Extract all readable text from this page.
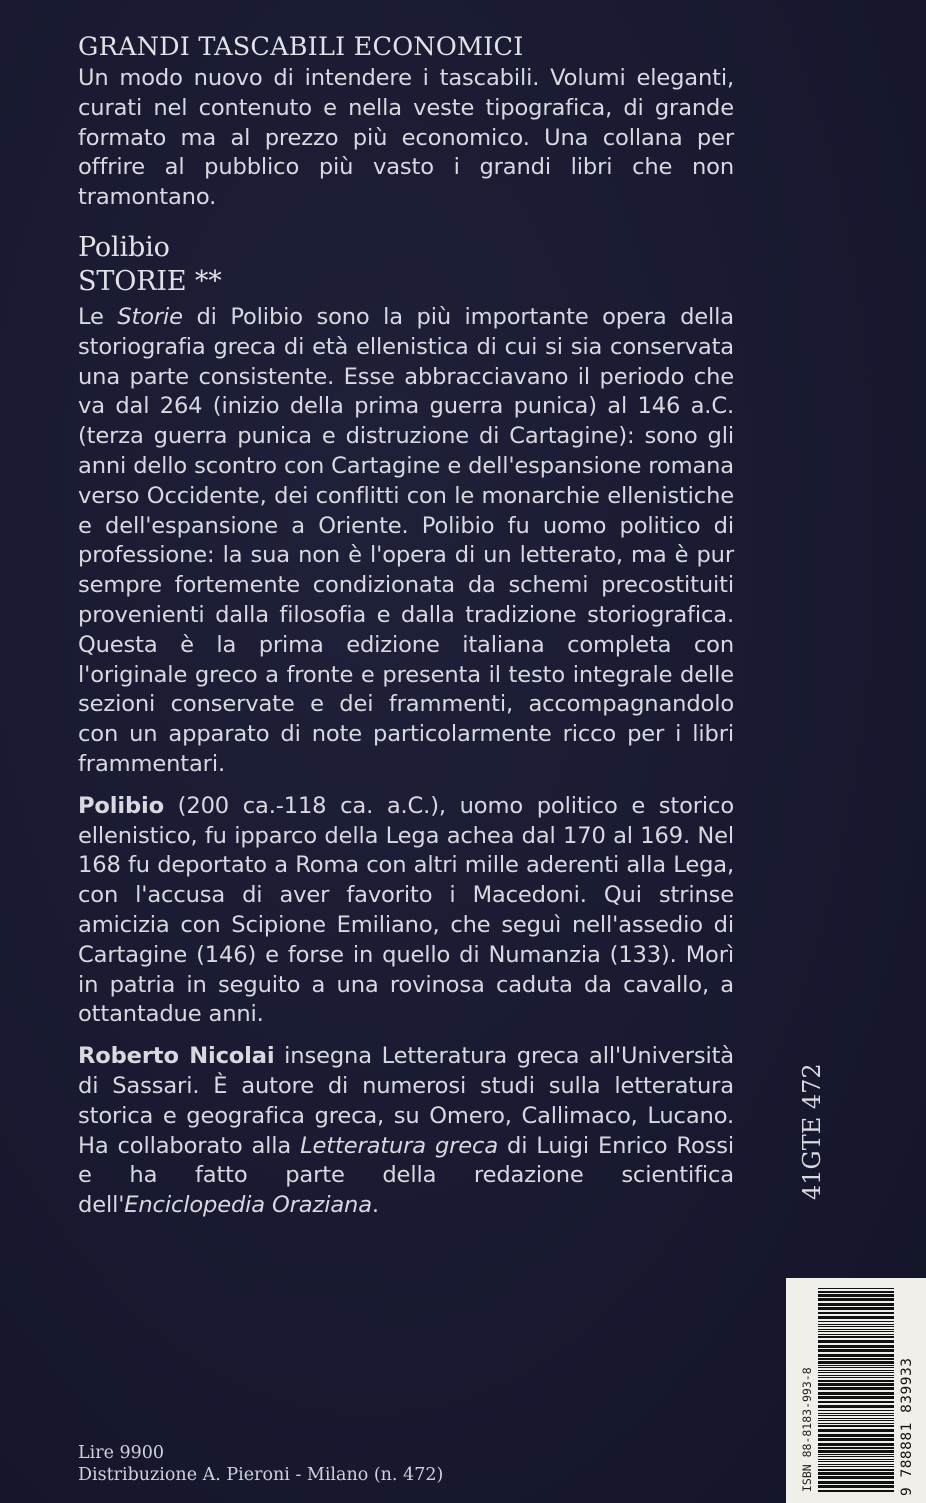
GRANDI TASCABILI ECONOMICI

Un modo nuovo di intendere i tascabili. Volumi eleganti, curati nel contenuto e nella veste tipografica, di grande formato ma al prezzo più economico. Una collana per offrire al pubblico più vasto i grandi libri che non tramontano.

Polibio
STORIE **

Le Storie di Polibio sono la più importante opera della storiografia greca di età ellenistica di cui si sia conservata una parte consistente. Esse abbracciavano il periodo che va dal 264 (inizio della prima guerra punica) al 146 a.C. (terza guerra punica e distruzione di Cartagine): sono gli anni dello scontro con Cartagine e dell'espansione romana verso Occidente, dei conflitti con le monarchie ellenistiche e dell'espansione a Oriente. Polibio fu uomo politico di professione: la sua non è l'opera di un letterato, ma è pur sempre fortemente condizionata da schemi precostituiti provenienti dalla filosofia e dalla tradizione storiografica. Questa è la prima edizione italiana completa con l'originale greco a fronte e presenta il testo integrale delle sezioni conservate e dei frammenti, accompagnandolo con un apparato di note particolarmente ricco per i libri frammentari.

Polibio (200 ca.-118 ca. a.C.), uomo politico e storico ellenistico, fu ipparco della Lega achea dal 170 al 169. Nel 168 fu deportato a Roma con altri mille aderenti alla Lega, con l'accusa di aver favorito i Macedoni. Qui strinse amicizia con Scipione Emiliano, che seguì nell'assedio di Cartagine (146) e forse in quello di Numanzia (133). Morì in patria in seguito a una rovinosa caduta da cavallo, a ottantadue anni.

Roberto Nicolai insegna Letteratura greca all'Università di Sassari. È autore di numerosi studi sulla letteratura storica e geografica greca, su Omero, Callimaco, Lucano. Ha collaborato alla Letteratura greca di Luigi Enrico Rossi e ha fatto parte della redazione scientifica dell'Enciclopedia Oraziana.

41GTE 472
Lire 9900
Distribuzione A. Pieroni - Milano (n. 472)	ISBN 88-8183-993-8	9 788881 839933
